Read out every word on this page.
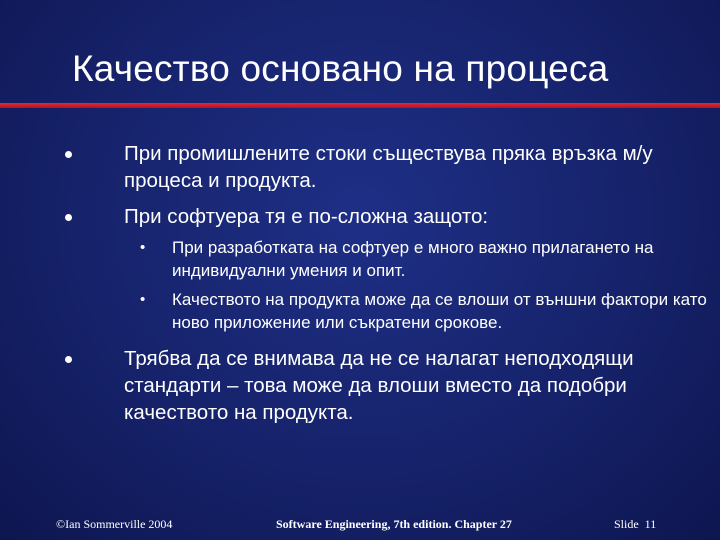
Качество основано на процеса
При промишлените стоки съществува пряка връзка м/у процеса и продукта.
При софтуера тя е по-сложна защото:
• При разработката на софтуер е много важно прилагането на индивидуални умения и опит.
• Качеството на продукта може да се влоши от външни фактори като ново приложение или съкратени срокове.
Трябва да се внимава да не се налагат неподходящи стандарти – това може да влоши вместо да подобри качеството на продукта.
©Ian Sommerville 2004	Software Engineering, 7th edition. Chapter 27	Slide  11
